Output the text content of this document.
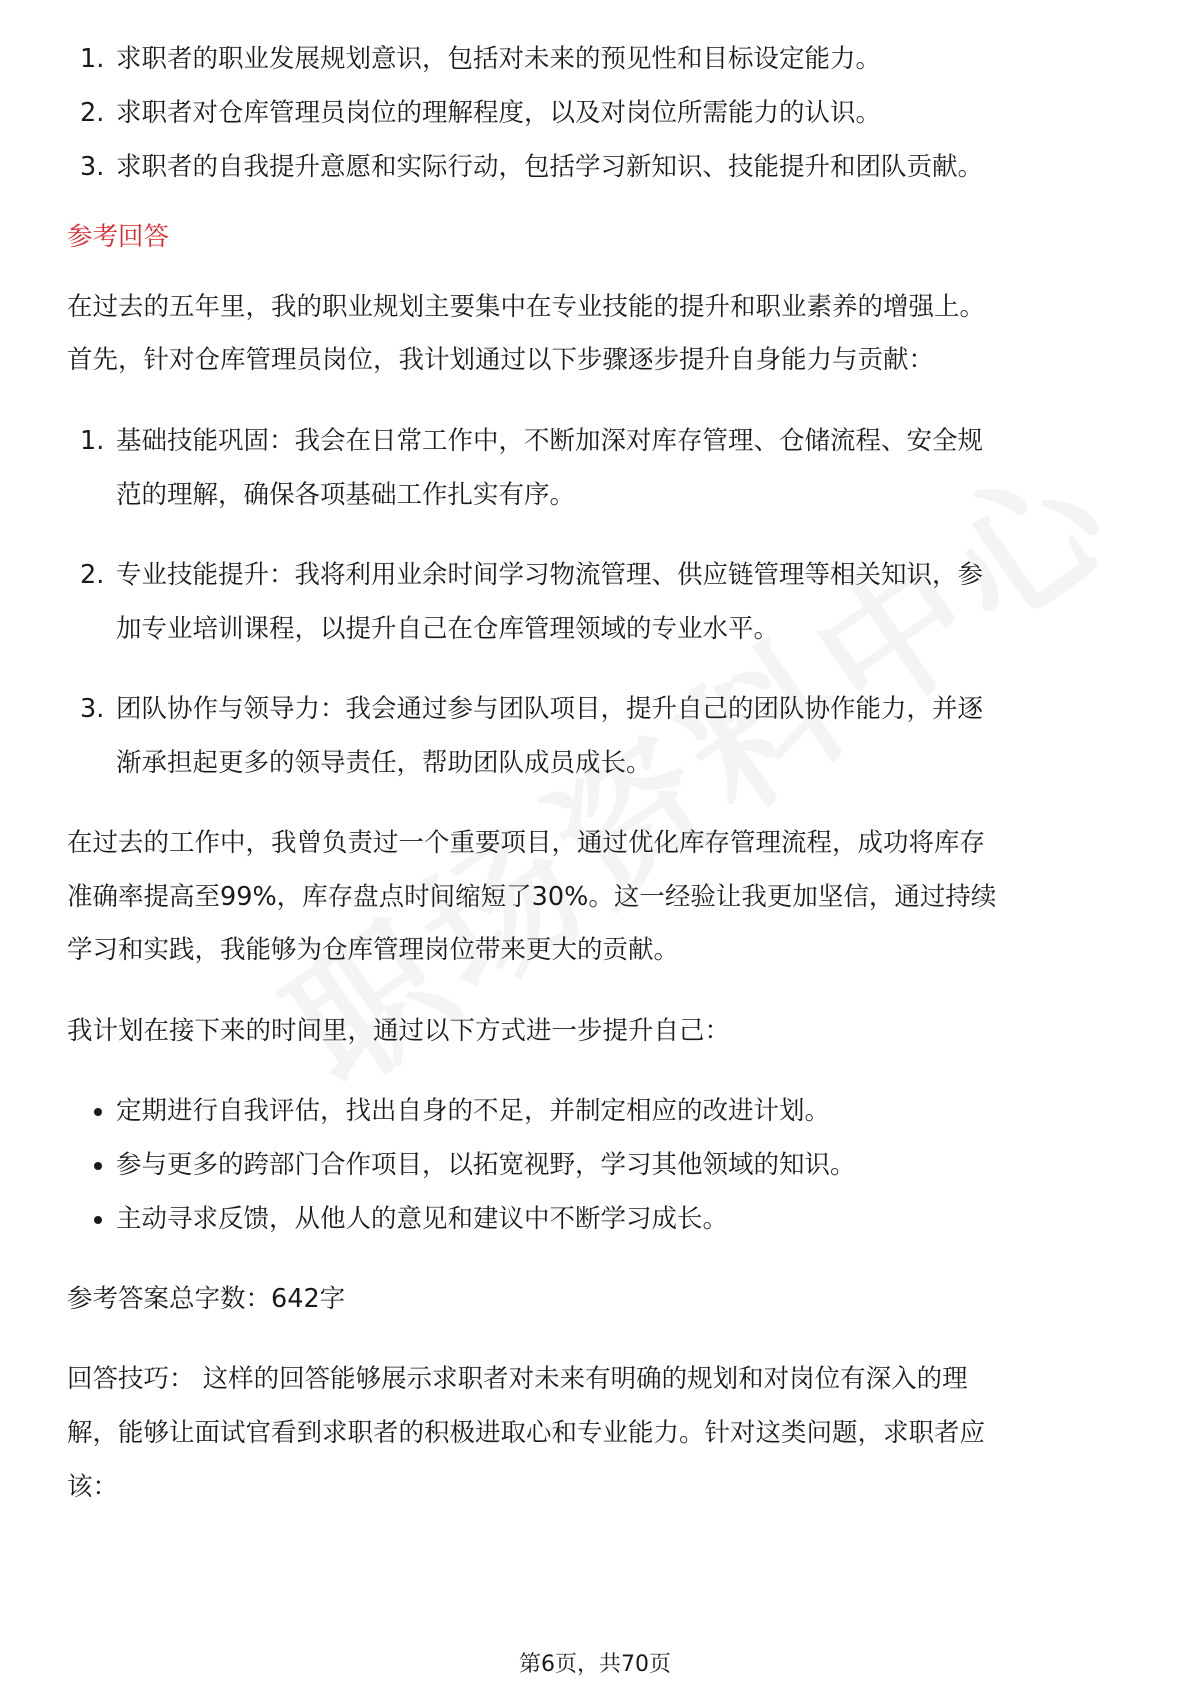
1. 求职者的职业发展规划意识，包括对未来的预见性和目标设定能力。
2. 求职者对仓库管理员岗位的理解程度，以及对岗位所需能力的认识。
3. 求职者的自我提升意愿和实际行动，包括学习新知识、技能提升和团队贡献。
参考回答
在过去的五年里，我的职业规划主要集中在专业技能的提升和职业素养的增强上。
首先，针对仓库管理员岗位，我计划通过以下步骤逐步提升自身能力与贡献：
1. 基础技能巩固：我会在日常工作中，不断加深对库存管理、仓储流程、安全规
范的理解，确保各项基础工作扎实有序。
2. 专业技能提升：我将利用业余时间学习物流管理、供应链管理等相关知识，参
加专业培训课程，以提升自己在仓库管理领域的专业水平。
3. 团队协作与领导力：我会通过参与团队项目，提升自己的团队协作能力，并逐
渐承担起更多的领导责任，帮助团队成员成长。
在过去的工作中，我曾负责过一个重要项目，通过优化库存管理流程，成功将库存
准确率提高至99%，库存盘点时间缩短了30%。这一经验让我更加坚信，通过持续
学习和实践，我能够为仓库管理岗位带来更大的贡献。
我计划在接下来的时间里，通过以下方式进一步提升自己：
定期进行自我评估，找出自身的不足，并制定相应的改进计划。
参与更多的跨部门合作项目，以拓宽视野，学习其他领域的知识。
主动寻求反馈，从他人的意见和建议中不断学习成长。
参考答案总字数：642字
回答技巧： 这样的回答能够展示求职者对未来有明确的规划和对岗位有深入的理
解，能够让面试官看到求职者的积极进取心和专业能力。针对这类问题，求职者应
该：
第6页，共70页
